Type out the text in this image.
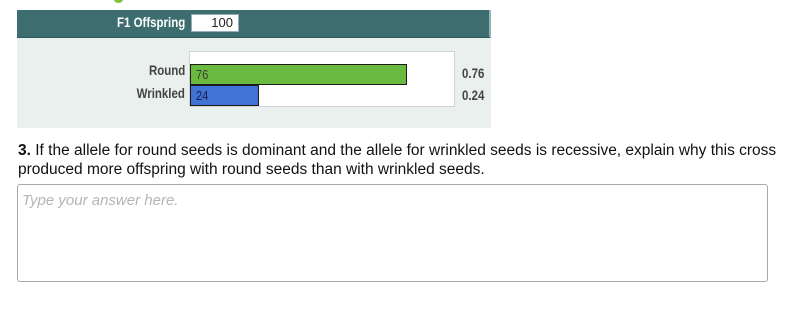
F1 Offspring	100
Round
Wrinkled
76
24
0.76
0.24
3. If the allele for round seeds is dominant and the allele for wrinkled seeds is recessive, explain why this cross produced more offspring with round seeds than with wrinkled seeds.
Type your answer here.
